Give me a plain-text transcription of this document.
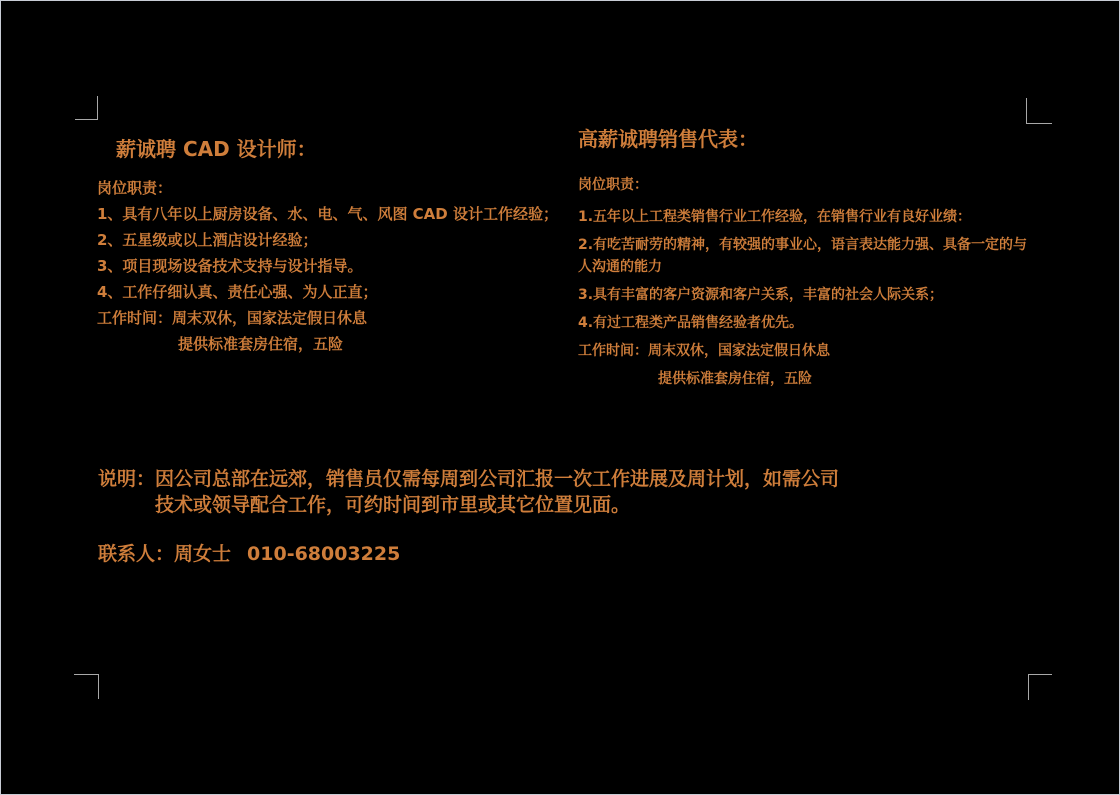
薪诚聘 CAD 设计师：

岗位职责：

1、具有八年以上厨房设备、水、电、气、风图 CAD 设计工作经验；

2、五星级或以上酒店设计经验；

3、项目现场设备技术支持与设计指导。

4、工作仔细认真、责任心强、为人正直；

工作时间：周末双休，国家法定假日休息

提供标准套房住宿，五险

高薪诚聘销售代表：

岗位职责：

1.五年以上工程类销售行业工作经验，在销售行业有良好业绩：

2.有吃苦耐劳的精神，有较强的事业心，语言表达能力强、具备一定的与人沟通的能力

3.具有丰富的客户资源和客户关系，丰富的社会人际关系；

4.有过工程类产品销售经验者优先。

工作时间：周末双休，国家法定假日休息

提供标准套房住宿，五险

说明： 因公司总部在远郊，销售员仅需每周到公司汇报一次工作进展及周计划，如需公司

技术或领导配合工作，可约时间到市里或其它位置见面。

联系人：周女士 010-68003225
